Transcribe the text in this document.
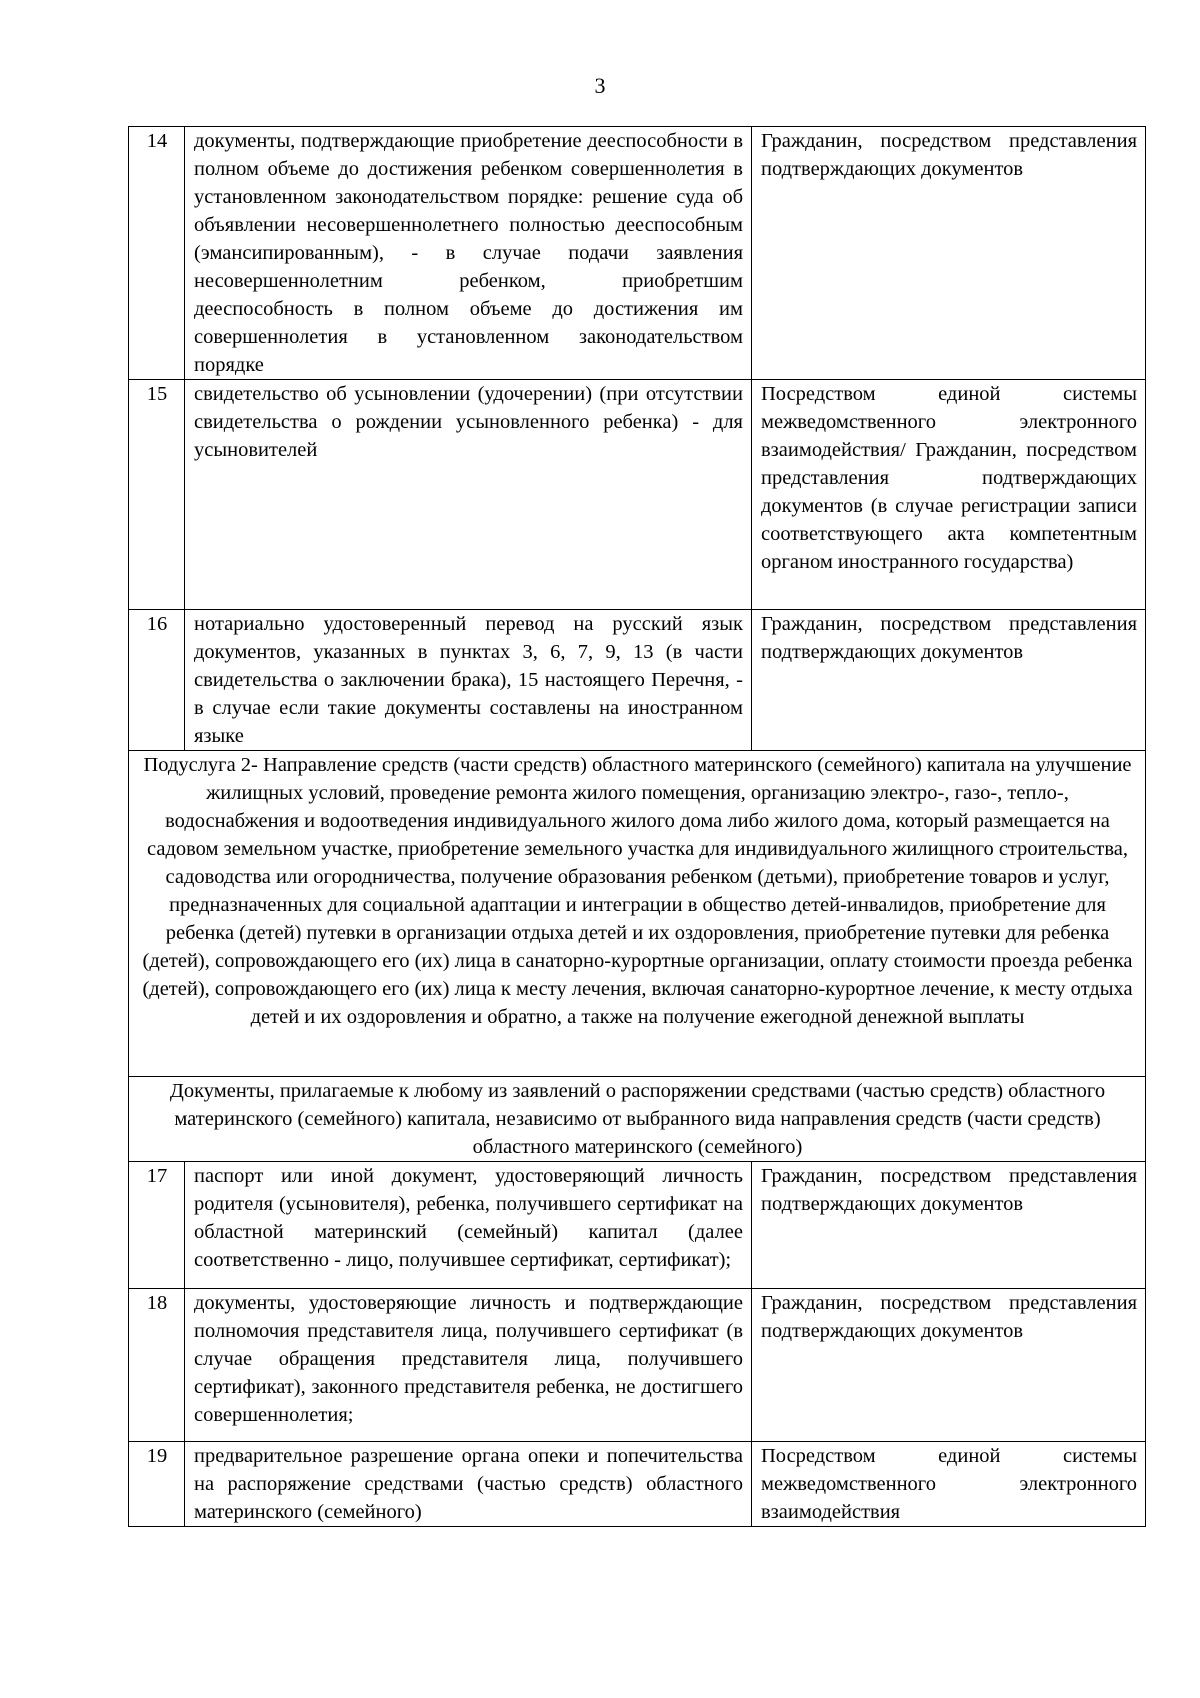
3
14	документы, подтверждающие приобретение дееспособности в полном объеме до достижения ребенком совершеннолетия в установленном законодательством порядке: решение суда об объявлении несовершеннолетнего полностью дееспособным (эмансипированным), - в случае подачи заявления несовершеннолетним ребенком, приобретшим дееспособность в полном объеме до достижения им совершеннолетия в установленном законодательством порядке	Гражданин, посредством представления подтверждающих документов
15	свидетельство об усыновлении (удочерении) (при отсутствии свидетельства о рождении усыновленного ребенка) - для усыновителей	Посредством единой системы межведомственного электронного взаимодействия/ Гражданин, посредством представления подтверждающих документов (в случае регистрации записи соответствующего акта компетентным органом иностранного государства)
16	нотариально удостоверенный перевод на русский язык документов, указанных в пунктах 3, 6, 7, 9, 13 (в части свидетельства о заключении брака), 15 настоящего Перечня, - в случае если такие документы составлены на иностранном языке	Гражданин, посредством представления подтверждающих документов
Подуслуга 2- Направление средств (части средств) областного материнского (семейного) капитала на улучшение жилищных условий, проведение ремонта жилого помещения, организацию электро-, газо-, тепло-, водоснабжения и водоотведения индивидуального жилого дома либо жилого дома, который размещается на садовом земельном участке, приобретение земельного участка для индивидуального жилищного строительства, садоводства или огородничества, получение образования ребенком (детьми), приобретение товаров и услуг, предназначенных для социальной адаптации и интеграции в общество детей-инвалидов, приобретение для ребенка (детей) путевки в организации отдыха детей и их оздоровления, приобретение путевки для ребенка (детей), сопровождающего его (их) лица в санаторно-курортные организации, оплату стоимости проезда ребенка (детей), сопровождающего его (их) лица к месту лечения, включая санаторно-курортное лечение, к месту отдыха детей и их оздоровления и обратно, а также на получение ежегодной денежной выплаты		
Документы, прилагаемые к любому из заявлений о распоряжении средствами (частью средств) областного материнского (семейного) капитала, независимо от выбранного вида направления средств (части средств) областного материнского (семейного)		
17	паспорт или иной документ, удостоверяющий личность родителя (усыновителя), ребенка, получившего сертификат на областной материнский (семейный) капитал (далее соответственно - лицо, получившее сертификат, сертификат);	Гражданин, посредством представления подтверждающих документов
18	документы, удостоверяющие личность и подтверждающие полномочия представителя лица, получившего сертификат (в случае обращения представителя лица, получившего сертификат), законного представителя ребенка, не достигшего совершеннолетия;	Гражданин, посредством представления подтверждающих документов
19	предварительное разрешение органа опеки и попечительства на распоряжение средствами (частью средств) областного материнского (семейного)	Посредством единой системы межведомственного электронного взаимодействия
